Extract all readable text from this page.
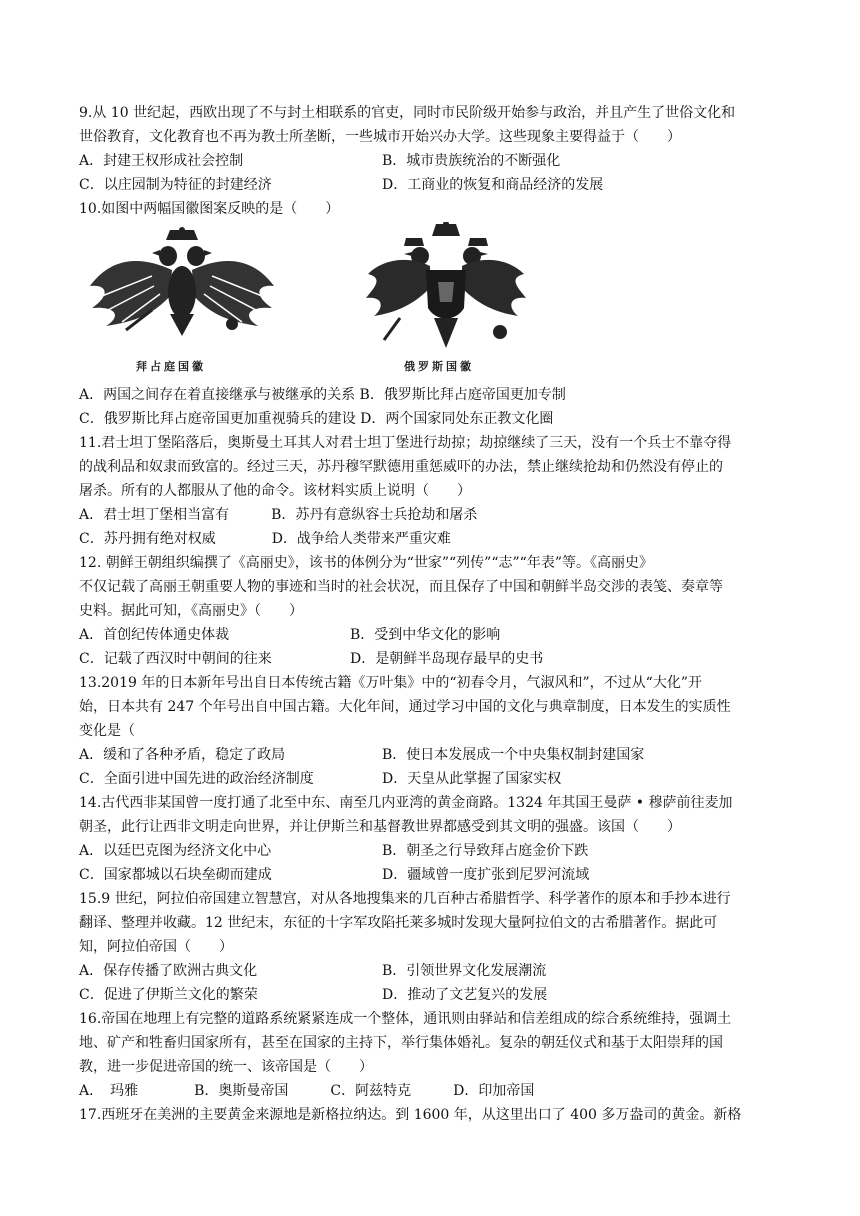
9.从 10 世纪起，西欧出现了不与封土相联系的官吏，同时市民阶级开始参与政治，并且产生了世俗文化和

世俗教育，文化教育也不再为教士所垄断，一些城市开始兴办大学。这些现象主要得益于（　　）

A．封建王权形成社会控制	B．城市贵族统治的不断强化

C．以庄园制为特征的封建经济	D．工商业的恢复和商品经济的发展

10.如图中两幅国徽图案反映的是（　　）

拜占庭国徽	俄罗斯国徽

A．两国之间存在着直接继承与被继承的关系 B．俄罗斯比拜占庭帝国更加专制

C．俄罗斯比拜占庭帝国更加重视骑兵的建设 D．两个国家同处东正教文化圈

11.君士坦丁堡陷落后，奥斯曼土耳其人对君士坦丁堡进行劫掠；劫掠继续了三天，没有一个兵士不靠夺得

的战利品和奴隶而致富的。经过三天，苏丹穆罕默德用重惩威吓的办法，禁止继续抢劫和仍然没有停止的

屠杀。所有的人都服从了他的命令。该材料实质上说明（　　）

A．君士坦丁堡相当富有　　　B．苏丹有意纵容士兵抢劫和屠杀

C．苏丹拥有绝对权威　　　　D．战争给人类带来严重灾难

12. 朝鲜王朝组织编撰了《高丽史》，该书的体例分为“世家”“列传”“志”“年表”等。《高丽史》

不仅记载了高丽王朝重要人物的事迹和当时的社会状况，而且保存了中国和朝鲜半岛交涉的表笺、奏章等

史料。据此可知，《高丽史》（　　）

A．首创纪传体通史体裁	B．受到中华文化的影响

C．记载了西汉时中朝间的往来	D．是朝鲜半岛现存最早的史书

13.2019 年的日本新年号出自日本传统古籍《万叶集》中的“初春令月，气淑风和”，不过从“大化”开

始，日本共有 247 个年号出自中国古籍。大化年间，通过学习中国的文化与典章制度，日本发生的实质性

变化是（

A．缓和了各种矛盾，稳定了政局	B．使日本发展成一个中央集权制封建国家

C．全面引进中国先进的政治经济制度	D．天皇从此掌握了国家实权

14.古代西非某国曾一度打通了北至中东、南至几内亚湾的黄金商路。1324 年其国王曼萨 • 穆萨前往麦加

朝圣，此行让西非文明走向世界，并让伊斯兰和基督教世界都感受到其文明的强盛。该国（　　）

A．以廷巴克图为经济文化中心	B．朝圣之行导致拜占庭金价下跌

C．国家都城以石块垒砌而建成	D．疆域曾一度扩张到尼罗河流域

15.9 世纪，阿拉伯帝国建立智慧宫，对从各地搜集来的几百种古希腊哲学、科学著作的原本和手抄本进行

翻译、整理并收藏。12 世纪末，东征的十字军攻陷托莱多城时发现大量阿拉伯文的古希腊著作。据此可

知，阿拉伯帝国（　　）

A．保存传播了欧洲古典文化	B．引领世界文化发展潮流

C．促进了伊斯兰文化的繁荣	D．推动了文艺复兴的发展

16.帝国在地理上有完整的道路系统紧紧连成一个整体，通讯则由驿站和信差组成的综合系统维持，强调土

地、矿产和牲畜归国家所有，甚至在国家的主持下，举行集体婚礼。复杂的朝廷仪式和基于太阳崇拜的国

教，进一步促进帝国的统一、该帝国是（　　）

A．　玛雅　　　　B．奥斯曼帝国　　　C．阿兹特克　　　D．印加帝国

17.西班牙在美洲的主要黄金来源地是新格拉纳达。到 1600 年，从这里出口了 400 多万盎司的黄金。新格
